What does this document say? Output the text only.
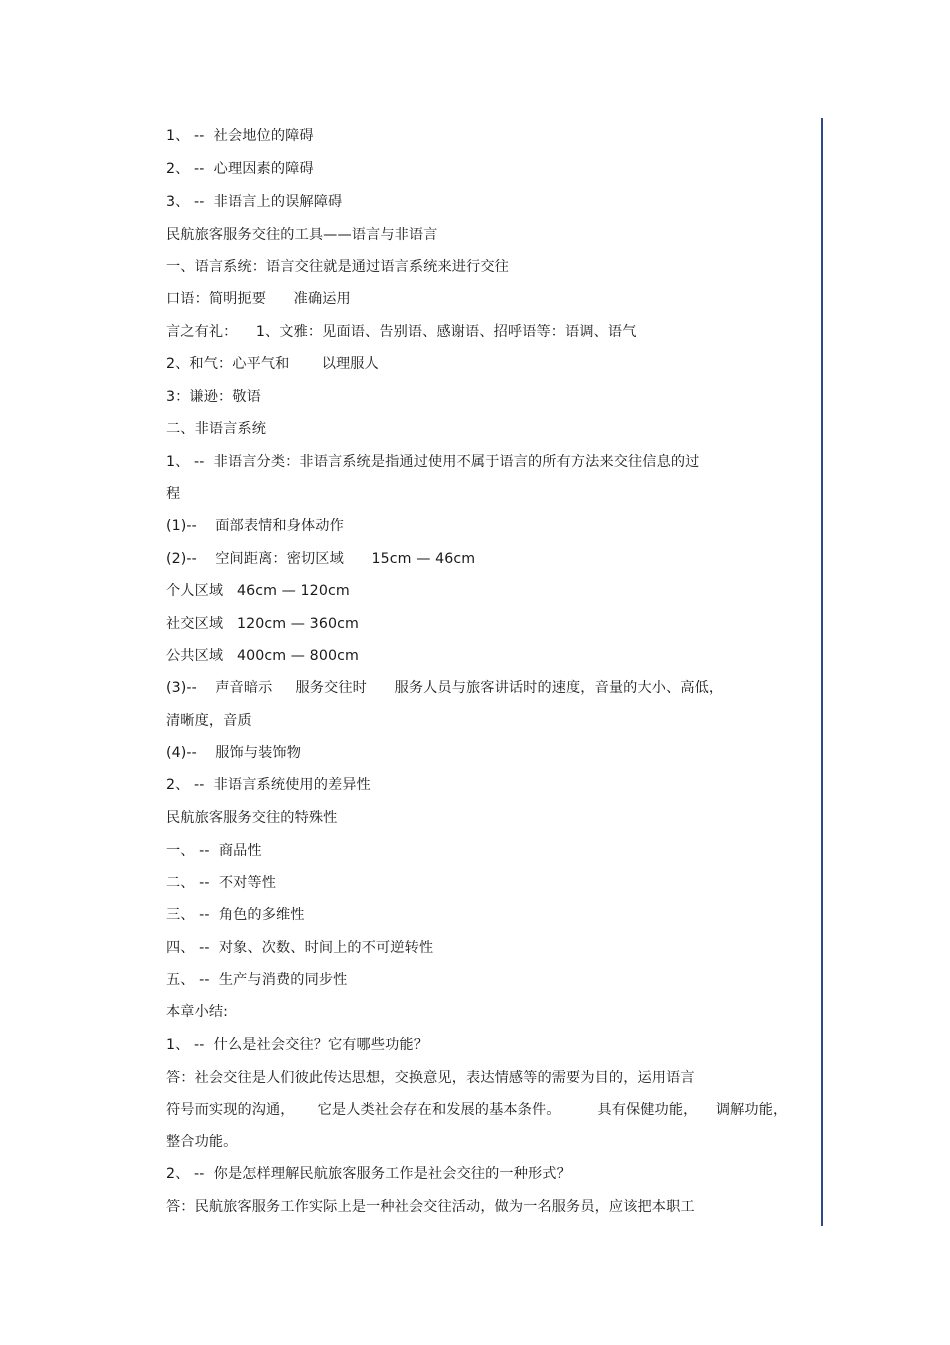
1、 --  社会地位的障碍

2、 --  心理因素的障碍

3、 --  非语言上的误解障碍

民航旅客服务交往的工具——语言与非语言

一、语言系统：语言交往就是通过语言系统来进行交往

口语：简明扼要      准确运用

言之有礼：    1、文雅：见面语、告别语、感谢语、招呼语等：语调、语气

2、和气：心平气和       以理服人

3：谦逊：敬语

二、非语言系统

1、 --  非语言分类：非语言系统是指通过使用不属于语言的所有方法来交往信息的过

程

(1)--    面部表情和身体动作

(2)--    空间距离：密切区域      15cm — 46cm

个人区域   46cm — 120cm

社交区域   120cm — 360cm

公共区域   400cm — 800cm

(3)--    声音暗示     服务交往时      服务人员与旅客讲话时的速度，音量的大小、高低，

清晰度，音质

(4)--    服饰与装饰物

2、 --  非语言系统使用的差异性

民航旅客服务交往的特殊性

一、 --  商品性

二、 --  不对等性

三、 --  角色的多维性

四、 --  对象、次数、时间上的不可逆转性

五、 --  生产与消费的同步性

本章小结:

1、 --  什么是社会交往？它有哪些功能？

答：社会交往是人们彼此传达思想，交换意见，表达情感等的需要为目的，运用语言

符号而实现的沟通，     它是人类社会存在和发展的基本条件。        具有保健功能，    调解功能，

整合功能。

2、 --  你是怎样理解民航旅客服务工作是社会交往的一种形式？

答：民航旅客服务工作实际上是一种社会交往活动，做为一名服务员，应该把本职工
